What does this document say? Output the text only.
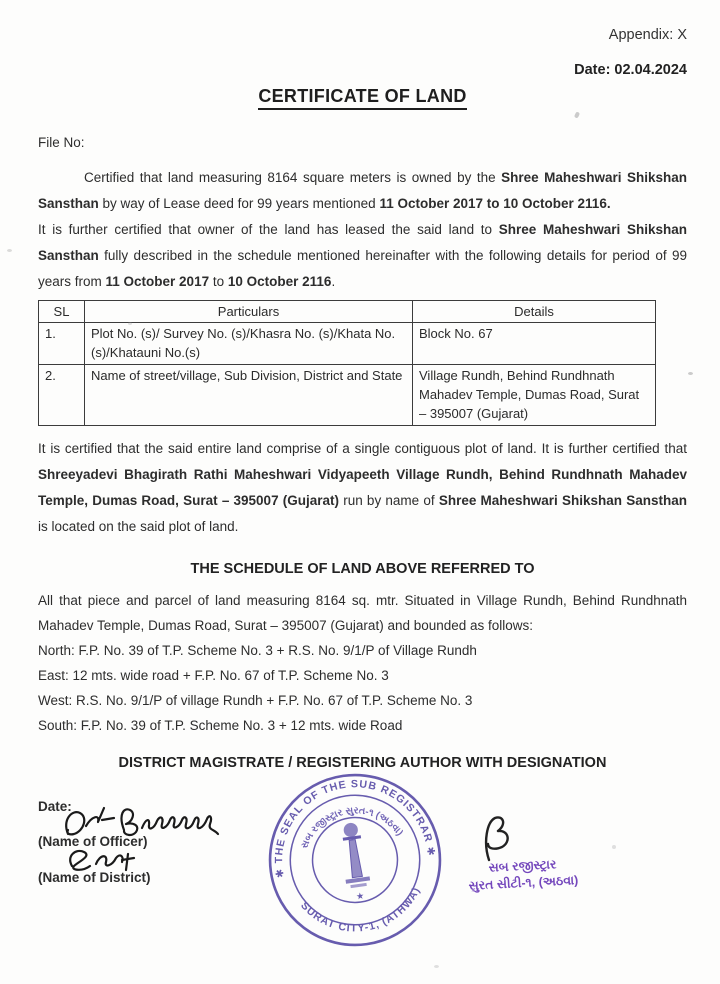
Appendix: X
Date: 02.04.2024
CERTIFICATE OF LAND
File No:
Certified that land measuring 8164 square meters is owned by the Shree Maheshwari Shikshan Sansthan by way of Lease deed for 99 years mentioned 11 October 2017 to 10 October 2116.
It is further certified that owner of the land has leased the said land to Shree Maheshwari Shikshan Sansthan fully described in the schedule mentioned hereinafter with the following details for period of 99 years from 11 October 2017 to 10 October 2116.
SL	Particulars	Details
1.	Plot No. (s)/ Survey No. (s)/Khasra No. (s)/Khata No.(s)/Khatauni No.(s)	Block No. 67
2.	Name of street/village, Sub Division, District and State	Village Rundh, Behind Rundhnath Mahadev Temple, Dumas Road, Surat – 395007 (Gujarat)
It is certified that the said entire land comprise of a single contiguous plot of land. It is further certified that Shreeyadevi Bhagirath Rathi Maheshwari Vidyapeeth Village Rundh, Behind Rundhnath Mahadev Temple, Dumas Road, Surat – 395007 (Gujarat) run by name of Shree Maheshwari Shikshan Sansthan is located on the said plot of land.
THE SCHEDULE OF LAND ABOVE REFERRED TO
All that piece and parcel of land measuring 8164 sq. mtr. Situated in Village Rundh, Behind Rundhnath Mahadev Temple, Dumas Road, Surat – 395007 (Gujarat) and bounded as follows:
North: F.P. No. 39 of T.P. Scheme No. 3 + R.S. No. 9/1/P of Village Rundh
East: 12 mts. wide road + F.P. No. 67 of T.P. Scheme No. 3
West: R.S. No. 9/1/P of village Rundh + F.P. No. 67 of T.P. Scheme No. 3
South: F.P. No. 39 of T.P. Scheme No. 3 + 12 mts. wide Road
DISTRICT MAGISTRATE / REGISTERING AUTHOR WITH DESIGNATION
Date:
(Name of Officer)
(Name of District)	✱ THE SEAL OF THE SUB REGISTRAR ✱
SURAT CITY-1, (ATHWA)
સબ રજીસ્ટ્રાર સુરત-૧ (અઠવા)
★
સબ રજીસ્ટ્રાર
સુરત સીટી-૧, (અઠવા)
